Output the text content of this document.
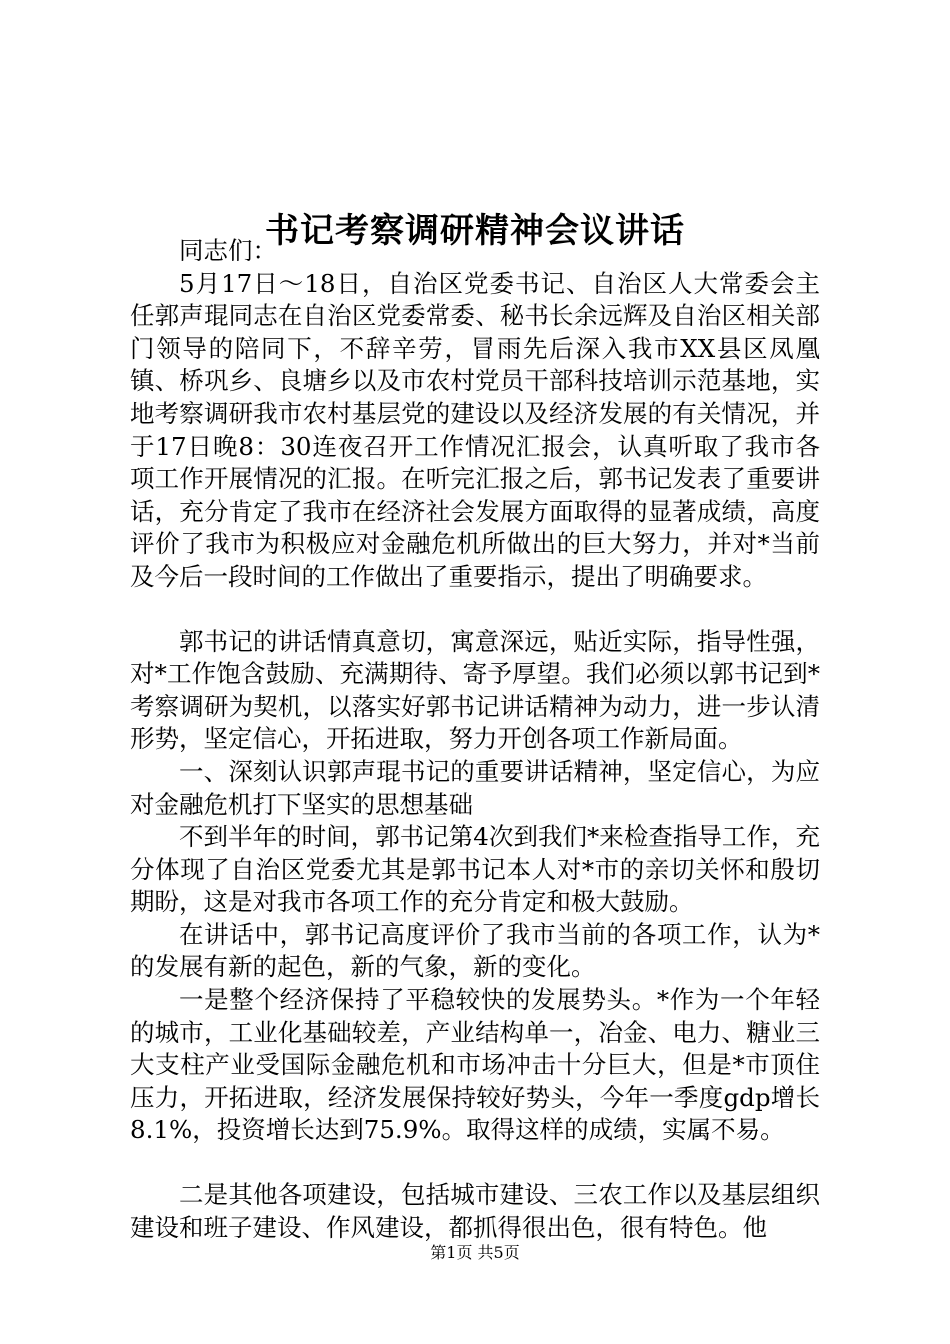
书记考察调研精神会议讲话

同志们：

5月17日～18日，自治区党委书记、自治区人大常委会主任郭声琨同志在自治区党委常委、秘书长余远辉及自治区相关部门领导的陪同下，不辞辛劳，冒雨先后深入我市XX县区凤凰镇、桥巩乡、良塘乡以及市农村党员干部科技培训示范基地，实地考察调研我市农村基层党的建设以及经济发展的有关情况，并于17日晚8：30连夜召开工作情况汇报会，认真听取了我市各项工作开展情况的汇报。在听完汇报之后，郭书记发表了重要讲话，充分肯定了我市在经济社会发展方面取得的显著成绩，高度评价了我市为积极应对金融危机所做出的巨大努力，并对*当前及今后一段时间的工作做出了重要指示，提出了明确要求。

郭书记的讲话情真意切，寓意深远，贴近实际，指导性强，对*工作饱含鼓励、充满期待、寄予厚望。我们必须以郭书记到*考察调研为契机，以落实好郭书记讲话精神为动力，进一步认清形势，坚定信心，开拓进取，努力开创各项工作新局面。

一、深刻认识郭声琨书记的重要讲话精神，坚定信心，为应对金融危机打下坚实的思想基础

不到半年的时间，郭书记第4次到我们*来检查指导工作，充分体现了自治区党委尤其是郭书记本人对*市的亲切关怀和殷切期盼，这是对我市各项工作的充分肯定和极大鼓励。

在讲话中，郭书记高度评价了我市当前的各项工作，认为*的发展有新的起色，新的气象，新的变化。

一是整个经济保持了平稳较快的发展势头。*作为一个年轻的城市，工业化基础较差，产业结构单一，冶金、电力、糖业三大支柱产业受国际金融危机和市场冲击十分巨大，但是*市顶住压力，开拓进取，经济发展保持较好势头，今年一季度gdp增长8.1%，投资增长达到75.9%。取得这样的成绩，实属不易。

二是其他各项建设，包括城市建设、三农工作以及基层组织建设和班子建设、作风建设，都抓得很出色，很有特色。他

第1页 共5页
